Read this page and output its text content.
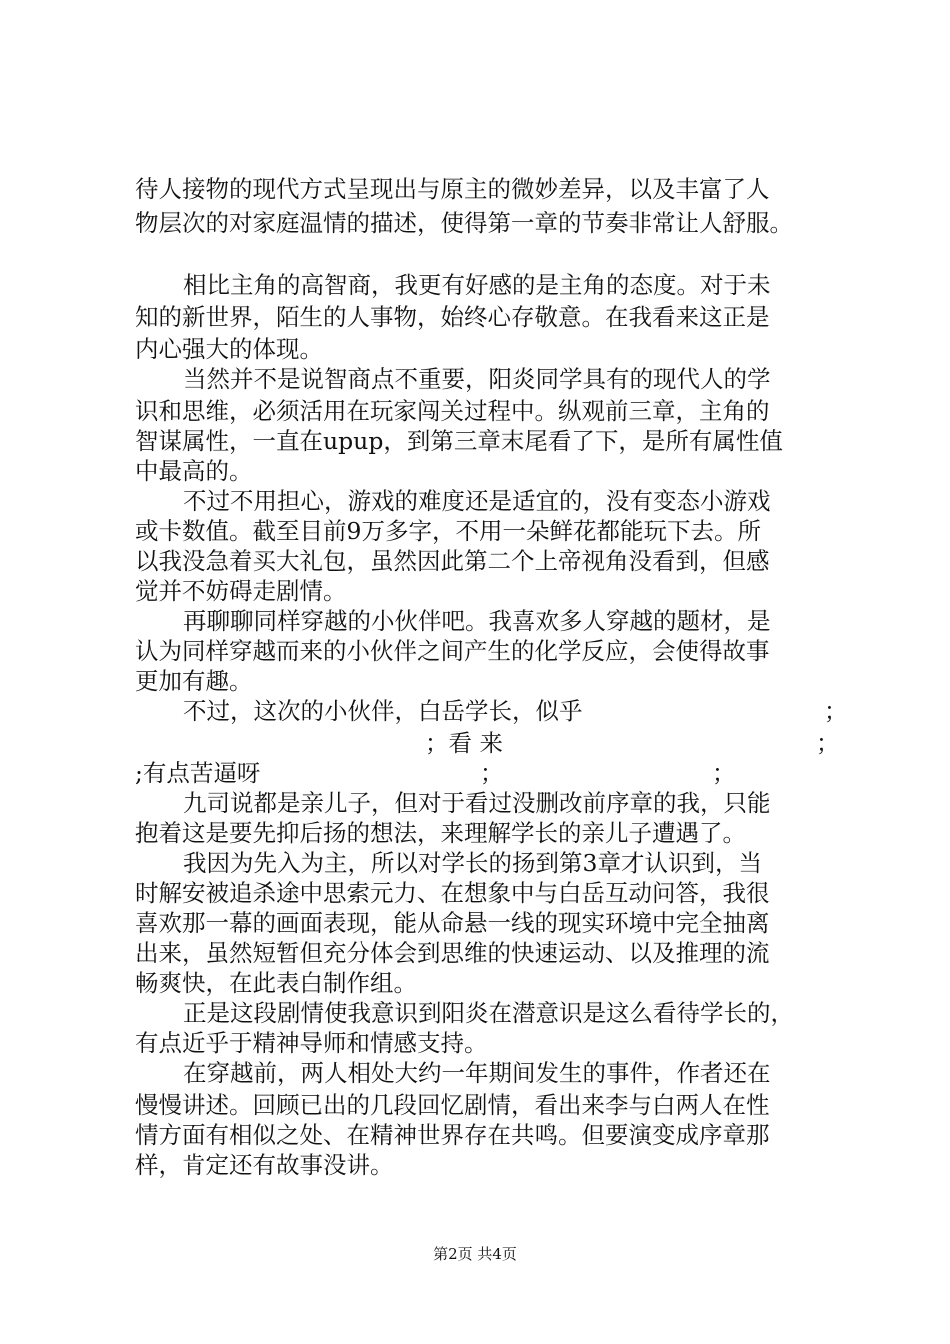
待人接物的现代方式呈现出与原主的微妙差异，以及丰富了人
物层次的对家庭温情的描述，使得第一章的节奏非常让人舒服。
相比主角的高智商，我更有好感的是主角的态度。对于未
知的新世界，陌生的人事物，始终心存敬意。在我看来这正是
内心强大的体现。
当然并不是说智商点不重要，阳炎同学具有的现代人的学
识和思维，必须活用在玩家闯关过程中。纵观前三章，主角的
智谋属性，一直在upup，到第三章末尾看了下，是所有属性值
中最高的。
不过不用担心，游戏的难度还是适宜的，没有变态小游戏
或卡数值。截至目前9万多字，不用一朵鲜花都能玩下去。所
以我没急着买大礼包，虽然因此第二个上帝视角没看到，但感
觉并不妨碍走剧情。
再聊聊同样穿越的小伙伴吧。我喜欢多人穿越的题材，是
认为同样穿越而来的小伙伴之间产生的化学反应，会使得故事
更加有趣。
不过，这次的小伙伴，白岳学长，似乎	；
；看 来	；
;有点苦逼呀	；	；
九司说都是亲儿子，但对于看过没删改前序章的我，只能
抱着这是要先抑后扬的想法，来理解学长的亲儿子遭遇了。
我因为先入为主，所以对学长的扬到第3章才认识到，当
时解安被追杀途中思索元力、在想象中与白岳互动问答，我很
喜欢那一幕的画面表现，能从命悬一线的现实环境中完全抽离
出来，虽然短暂但充分体会到思维的快速运动、以及推理的流
畅爽快，在此表白制作组。
正是这段剧情使我意识到阳炎在潜意识是这么看待学长的，
有点近乎于精神导师和情感支持。
在穿越前，两人相处大约一年期间发生的事件，作者还在
慢慢讲述。回顾已出的几段回忆剧情，看出来李与白两人在性
情方面有相似之处、在精神世界存在共鸣。但要演变成序章那
样，肯定还有故事没讲。
第2页 共4页
